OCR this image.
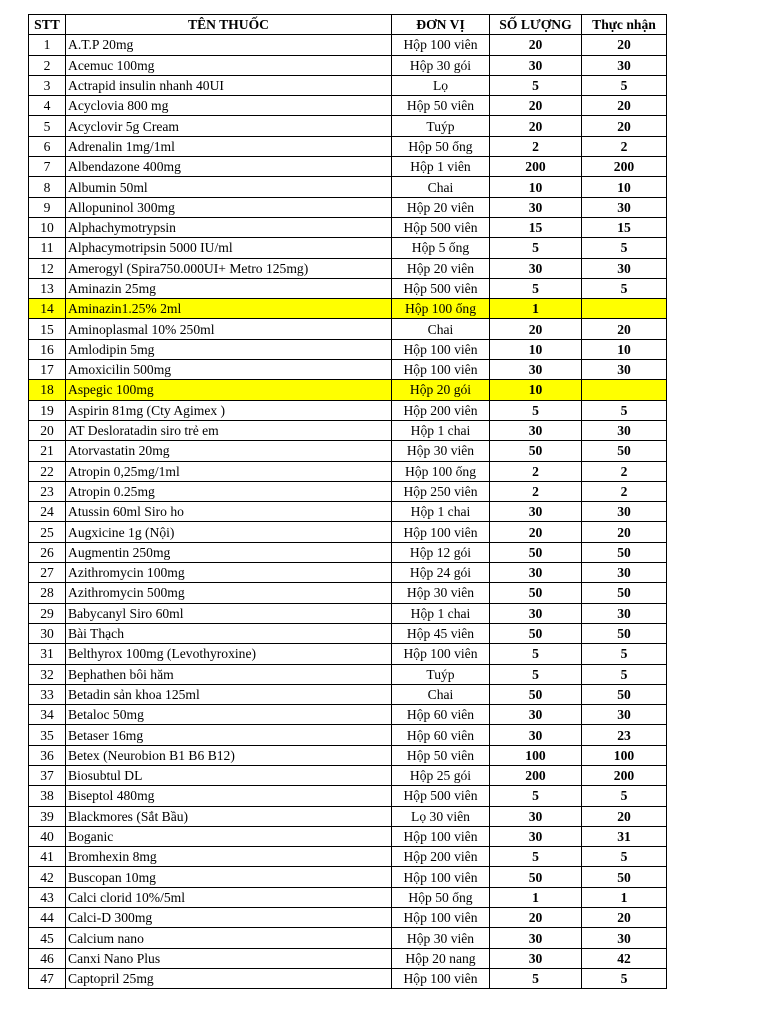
STT	TÊN THUỐC	ĐƠN VỊ	SỐ LƯỢNG	Thực nhận
1	A.T.P 20mg	Hộp 100 viên	20	20
2	Acemuc 100mg	Hộp 30 gói	30	30
3	Actrapid insulin nhanh 40UI	Lọ	5	5
4	Acyclovia 800 mg	Hộp 50 viên	20	20
5	Acyclovir 5g Cream	Tuýp	20	20
6	Adrenalin 1mg/1ml	Hộp 50 ống	2	2
7	Albendazone 400mg	Hộp 1 viên	200	200
8	Albumin 50ml	Chai	10	10
9	Allopuninol 300mg	Hộp 20 viên	30	30
10	Alphachymotrypsin	Hộp 500 viên	15	15
11	Alphacymotripsin 5000 IU/ml	Hộp 5 ống	5	5
12	Amerogyl (Spira750.000UI+ Metro 125mg)	Hộp 20 viên	30	30
13	Aminazin 25mg	Hộp 500 viên	5	5
14	Aminazin1.25% 2ml	Hộp 100 ống	1	
15	Aminoplasmal 10% 250ml	Chai	20	20
16	Amlodipin 5mg	Hộp 100 viên	10	10
17	Amoxicilin 500mg	Hộp 100 viên	30	30
18	Aspegic 100mg	Hộp 20 gói	10	
19	Aspirin 81mg (Cty Agimex )	Hộp 200 viên	5	5
20	AT Desloratadin siro trẻ em	Hộp 1 chai	30	30
21	Atorvastatin 20mg	Hộp 30 viên	50	50
22	Atropin 0,25mg/1ml	Hộp 100 ống	2	2
23	Atropin 0.25mg	Hộp 250 viên	2	2
24	Atussin 60ml Siro ho	Hộp 1 chai	30	30
25	Augxicine 1g (Nội)	Hộp 100 viên	20	20
26	Augmentin 250mg	Hộp 12 gói	50	50
27	Azithromycin 100mg	Hộp 24 gói	30	30
28	Azithromycin 500mg	Hộp 30 viên	50	50
29	Babycanyl Siro 60ml	Hộp 1 chai	30	30
30	Bài Thạch	Hộp 45 viên	50	50
31	Belthyrox 100mg (Levothyroxine)	Hộp 100 viên	5	5
32	Bephathen bôi hăm	Tuýp	5	5
33	Betadin sản khoa 125ml	Chai	50	50
34	Betaloc 50mg	Hộp 60 viên	30	30
35	Betaser 16mg	Hộp 60 viên	30	23
36	Betex (Neurobion B1 B6 B12)	Hộp 50 viên	100	100
37	Biosubtul DL	Hộp 25 gói	200	200
38	Biseptol 480mg	Hộp 500 viên	5	5
39	Blackmores (Sắt Bầu)	Lọ 30 viên	30	20
40	Boganic	Hộp 100 viên	30	31
41	Bromhexin 8mg	Hộp 200 viên	5	5
42	Buscopan 10mg	Hộp 100 viên	50	50
43	Calci clorid 10%/5ml	Hộp 50 ống	1	1
44	Calci-D 300mg	Hộp 100 viên	20	20
45	Calcium nano	Hộp 30 viên	30	30
46	Canxi Nano Plus	Hộp 20 nang	30	42
47	Captopril 25mg	Hộp 100 viên	5	5
